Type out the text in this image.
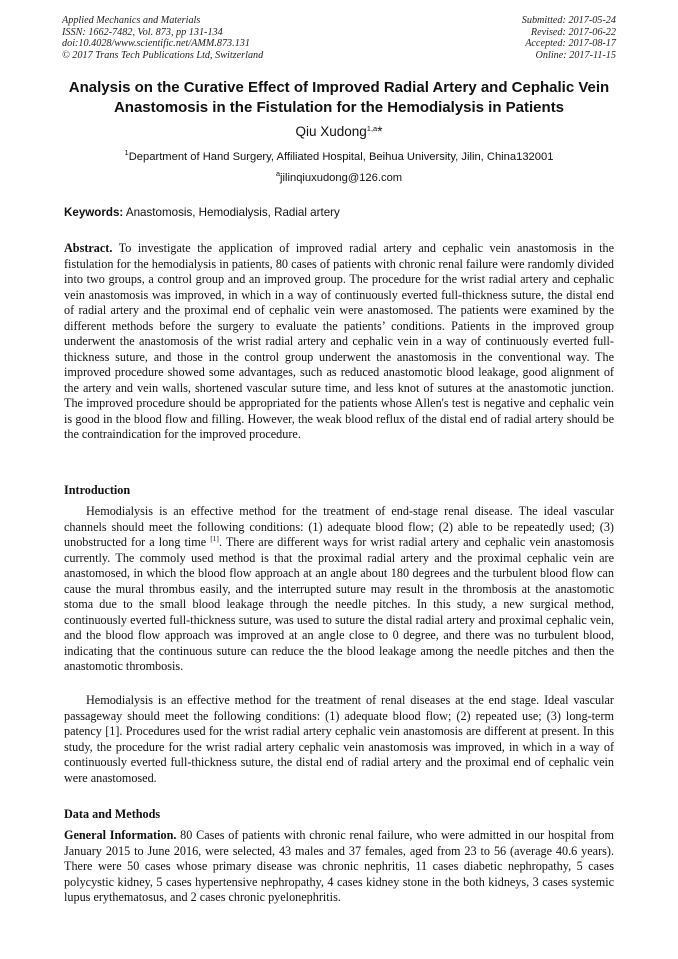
Applied Mechanics and Materials
ISSN: 1662-7482, Vol. 873, pp 131-134
doi:10.4028/www.scientific.net/AMM.873.131
© 2017 Trans Tech Publications Ltd, Switzerland
Submitted: 2017-05-24
Revised: 2017-06-22
Accepted: 2017-08-17
Online: 2017-11-15
Analysis on the Curative Effect of Improved Radial Artery and Cephalic Vein Anastomosis in the Fistulation for the Hemodialysis in Patients
Qiu Xudong$^{1,a}$*
$^1$Department of Hand Surgery, Affiliated Hospital, Beihua University, Jilin, China132001
$^a$jilinqiuxudong@126.com
Keywords: Anastomosis, Hemodialysis, Radial artery
Abstract. To investigate the application of improved radial artery and cephalic vein anastomosis in the fistulation for the hemodialysis in patients, 80 cases of patients with chronic renal failure were randomly divided into two groups, a control group and an improved group. The procedure for the wrist radial artery and cephalic vein anastomosis was improved, in which in a way of continuously everted full-thickness suture, the distal end of radial artery and the proximal end of cephalic vein were anastomosed. The patients were examined by the different methods before the surgery to evaluate the patients’ conditions. Patients in the improved group underwent the anastomosis of the wrist radial artery and cephalic vein in a way of continuously everted full-thickness suture, and those in the control group underwent the anastomosis in the conventional way. The improved procedure showed some advantages, such as reduced anastomotic blood leakage, good alignment of the artery and vein walls, shortened vascular suture time, and less knot of sutures at the anastomotic junction. The improved procedure should be appropriated for the patients whose Allen's test is negative and cephalic vein is good in the blood flow and filling. However, the weak blood reflux of the distal end of radial artery should be the contraindication for the improved procedure.
Introduction
Hemodialysis is an effective method for the treatment of end-stage renal disease. The ideal vascular channels should meet the following conditions: (1) adequate blood flow; (2) able to be repeatedly used; (3) unobstructed for a long time [1]. There are different ways for wrist radial artery and cephalic vein anastomosis currently. The commoly used method is that the proximal radial artery and the proximal cephalic vein are anastomosed, in which the blood flow approach at an angle about 180 degrees and the turbulent blood flow can cause the mural thrombus easily, and the interrupted suture may result in the thrombosis at the anastomotic stoma due to the small blood leakage through the needle pitches. In this study, a new surgical method, continuously everted full-thickness suture, was used to suture the distal radial artery and proximal cephalic vein, and the blood flow approach was improved at an angle close to 0 degree, and there was no turbulent blood, indicating that the continuous suture can reduce the the blood leakage among the needle pitches and then the anastomotic thrombosis.
Hemodialysis is an effective method for the treatment of renal diseases at the end stage. Ideal vascular passageway should meet the following conditions: (1) adequate blood flow; (2) repeated use; (3) long-term patency [1]. Procedures used for the wrist radial artery cephalic vein anastomosis are different at present. In this study, the procedure for the wrist radial artery cephalic vein anastomosis was improved, in which in a way of continuously everted full-thickness suture, the distal end of radial artery and the proximal end of cephalic vein were anastomosed.
Data and Methods
General Information. 80 Cases of patients with chronic renal failure, who were admitted in our hospital from January 2015 to June 2016, were selected, 43 males and 37 females, aged from 23 to 56 (average 40.6 years). There were 50 cases whose primary disease was chronic nephritis, 11 cases diabetic nephropathy, 5 cases polycystic kidney, 5 cases hypertensive nephropathy, 4 cases kidney stone in the both kidneys, 3 cases systemic lupus erythematosus, and 2 cases chronic pyelonephritis.
